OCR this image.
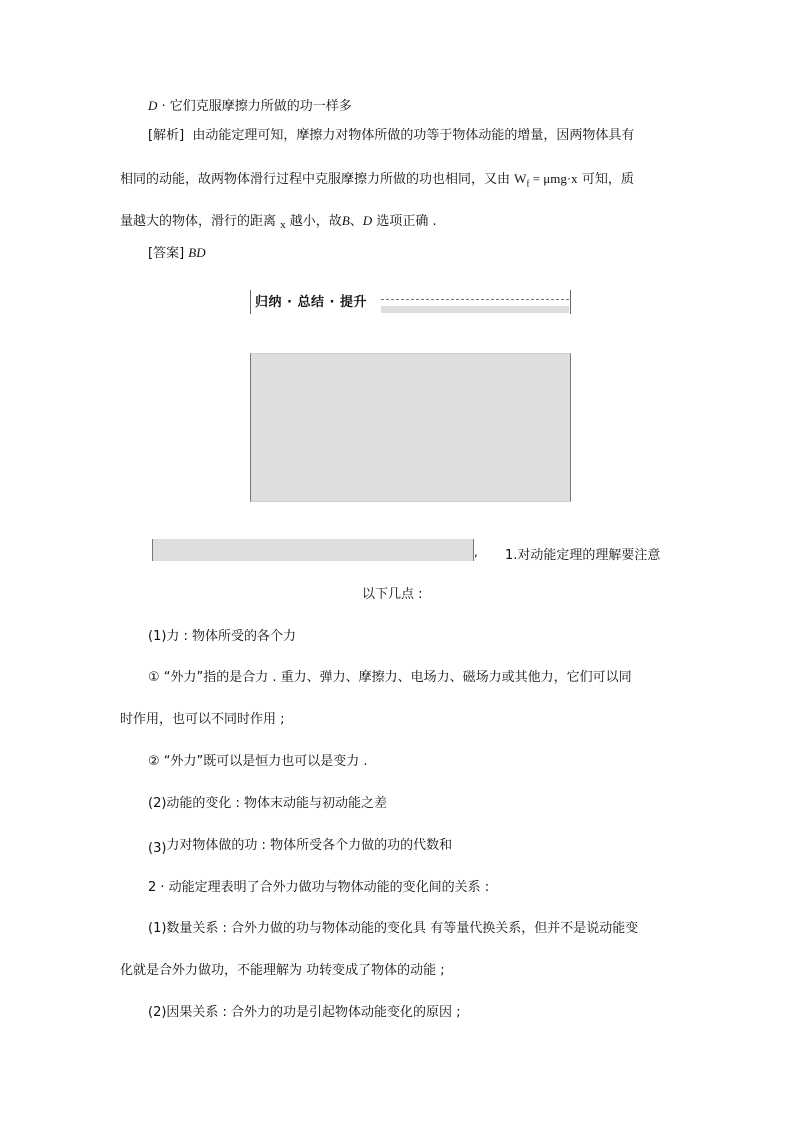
D · 它们克服摩擦力所做的功一样多
[解析] 由动能定理可知，摩擦力对物体所做的功等于物体动能的增量，因两物体具有
相同的动能，故两物体滑行过程中克服摩擦力所做的功也相同，又由 $W_f = \mu mg\cdot x$ 可知，质
量越大的物体，滑行的距离 $_x$ 越小，故B、D 选项正确 .
[答案] BD
归纳 · 总结 · 提升
, 1.对动能定理的理解要注意
以下几点 :
(1)力 : 物体所受的各个力
① “外力”指的是合力 . 重力、弹力、摩擦力、电场力、磁场力或其他力，它们可以同
时作用，也可以不同时作用 ;
② “外力”既可以是恒力也可以是变力 .
(2)动能的变化 : 物体末动能与初动能之差
(3)力对物体做的功 : 物体所受各个力做的功的代数和
2 · 动能定理表明了合外力做功与物体动能的变化间的关系 :
(1)数量关系 : 合外力做的功与物体动能的变化具 有等量代换关系，但并不是说动能变
化就是合外力做功，不能理解为 功转变成了物体的动能 ;
(2)因果关系 : 合外力的功是引起物体动能变化的原因 ;
